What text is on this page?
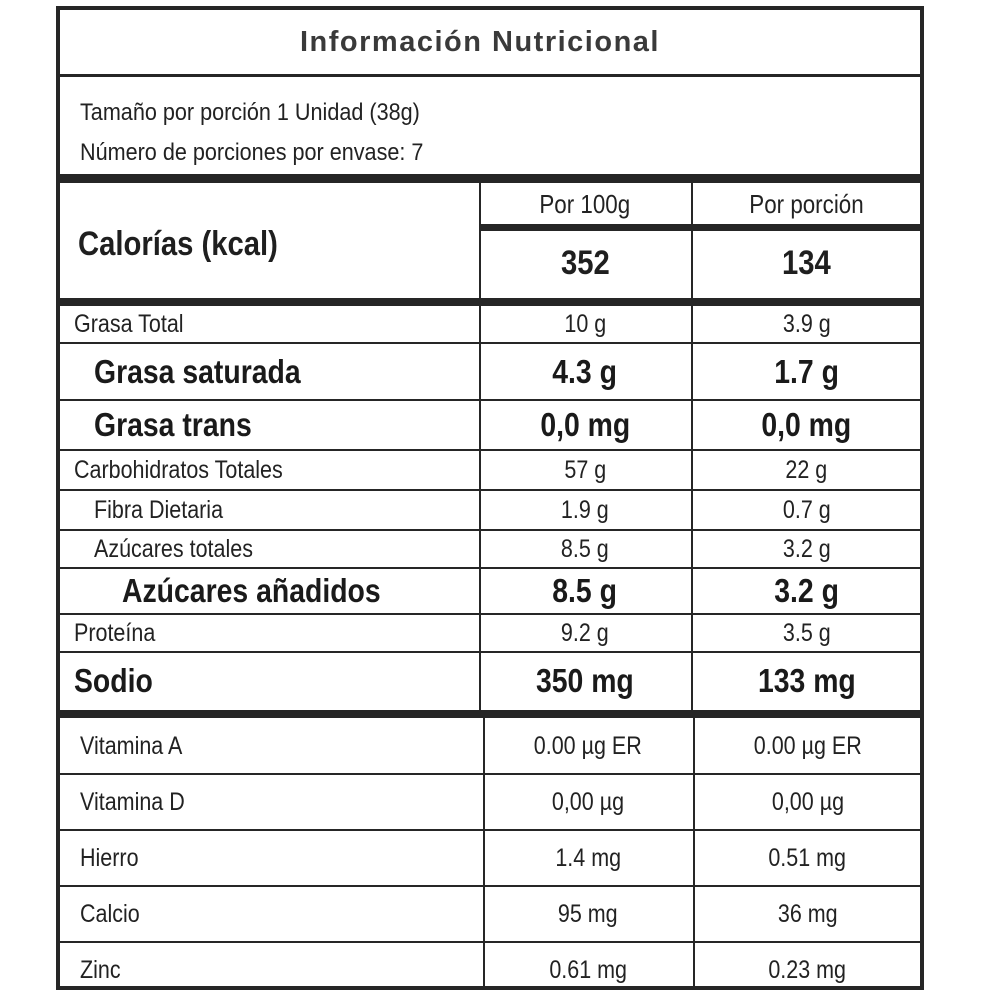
Información Nutricional
Tamaño por porción 1 Unidad (38g)
Número de porciones por envase: 7
Calorías (kcal)
Por 100g	Por porción
352	134
Grasa Total	10 g	3.9 g
Grasa saturada	4.3 g	1.7 g
Grasa trans	0,0 mg	0,0 mg
Carbohidratos Totales	57 g	22 g
Fibra Dietaria	1.9 g	0.7 g
Azúcares totales	8.5 g	3.2 g
Azúcares añadidos	8.5 g	3.2 g
Proteína	9.2 g	3.5 g
Sodio	350 mg	133 mg
Vitamina A	0.00 µg ER	0.00 µg ER
Vitamina D	0,00 µg	0,00 µg
Hierro	1.4 mg	0.51 mg
Calcio	95 mg	36 mg
Zinc	0.61 mg	0.23 mg
